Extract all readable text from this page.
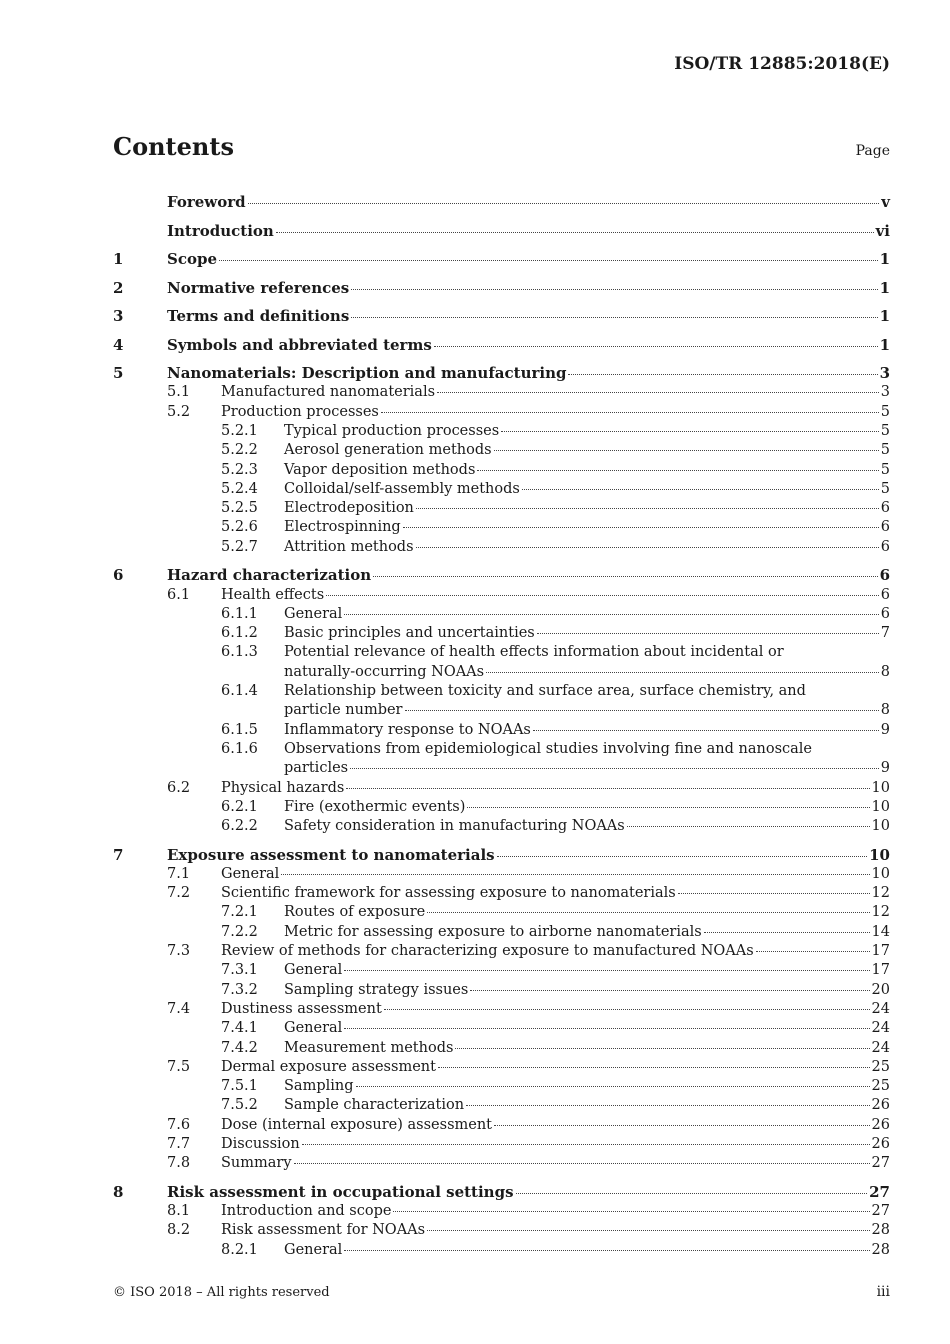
ISO/TR 12885:2018(E)
Contents	Page
Foreword	v
Introduction	vi
1	Scope	1
2	Normative references	1
3	Terms and definitions	1
4	Symbols and abbreviated terms	1
5	Nanomaterials: Description and manufacturing	3
5.1	Manufactured nanomaterials	3
5.2	Production processes	5
5.2.1	Typical production processes	5
5.2.2	Aerosol generation methods	5
5.2.3	Vapor deposition methods	5
5.2.4	Colloidal/self-assembly methods	5
5.2.5	Electrodeposition	6
5.2.6	Electrospinning	6
5.2.7	Attrition methods	6
6	Hazard characterization	6
6.1	Health effects	6
6.1.1	General	6
6.1.2	Basic principles and uncertainties	7
6.1.3	Potential relevance of health effects information about incidental or
naturally-occurring NOAAs	8
6.1.4	Relationship between toxicity and surface area, surface chemistry, and
particle number	8
6.1.5	Inflammatory response to NOAAs	9
6.1.6	Observations from epidemiological studies involving fine and nanoscale
particles	9
6.2	Physical hazards	10
6.2.1	Fire (exothermic events)	10
6.2.2	Safety consideration in manufacturing NOAAs	10
7	Exposure assessment to nanomaterials	10
7.1	General	10
7.2	Scientific framework for assessing exposure to nanomaterials	12
7.2.1	Routes of exposure	12
7.2.2	Metric for assessing exposure to airborne nanomaterials	14
7.3	Review of methods for characterizing exposure to manufactured NOAAs	17
7.3.1	General	17
7.3.2	Sampling strategy issues	20
7.4	Dustiness assessment	24
7.4.1	General	24
7.4.2	Measurement methods	24
7.5	Dermal exposure assessment	25
7.5.1	Sampling	25
7.5.2	Sample characterization	26
7.6	Dose (internal exposure) assessment	26
7.7	Discussion	26
7.8	Summary	27
8	Risk assessment in occupational settings	27
8.1	Introduction and scope	27
8.2	Risk assessment for NOAAs	28
8.2.1	General	28
© ISO 2018 – All rights reserved	iii
